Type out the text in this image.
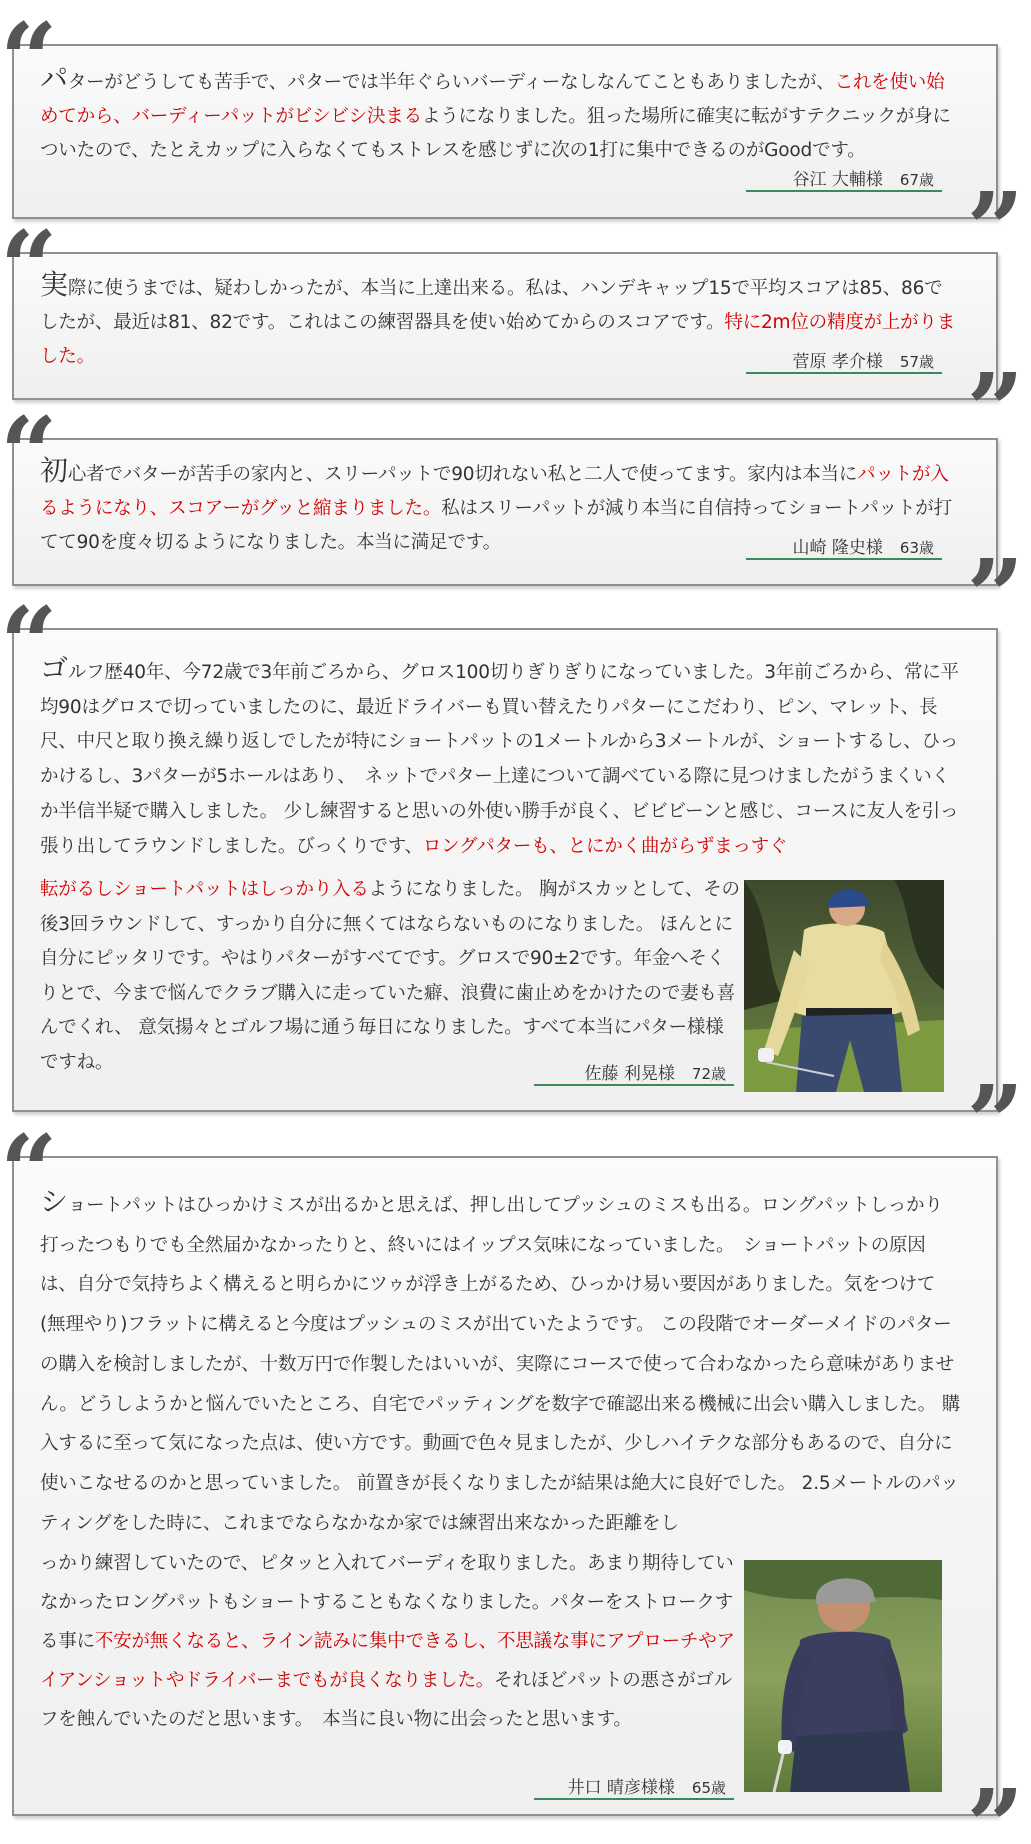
パターがどうしても苦手で、パターでは半年ぐらいバーディーなしなんてこともありましたが、これを使い始めてから、バーディーパットがビシビシ決まるようになりました。狙った場所に確実に転がすテクニックが身についたので、たとえカップに入らなくてもストレスを感じずに次の1打に集中できるのがGoodです。

谷江 大輔様　 67歳 ”

実際に使うまでは、疑わしかったが、本当に上達出来る。私は、ハンデキャップ15で平均スコアは85、86でしたが、最近は81、82です。これはこの練習器具を使い始めてからのスコアです。特に2m位の精度が上がりました。	菅原 孝介様　 57歳 ”

初心者でバターが苦手の家内と、スリーパットで90切れない私と二人で使ってます。家内は本当にパットが入るようになり、スコアーがグッと縮まりました。私はスリーパットが減り本当に自信持ってショートパットが打てて90を度々切るようになりました。本当に満足です。	山崎 隆史様　 63歳 ”

ゴルフ歴40年、今72歳で3年前ごろから、グロス100切りぎりぎりになっていました。3年前ごろから、常に平均90はグロスで切っていましたのに、最近ドライバーも買い替えたりパターにこだわり、ピン、マレット、長尺、中尺と取り換え繰り返しでしたが特にショートパットの1メートルから3メートルが、ショートするし、ひっかけるし、3パターが5ホールはあり、　ネットでパター上達について調べている際に見つけましたがうまくいくか半信半疑で購入しました。 少し練習すると思いの外使い勝手が良く、ビビビーンと感じ、コースに友人を引っ張り出してラウンドしました。びっくりです、ロングパターも、とにかく曲がらずまっすぐ

転がるしショートパットはしっかり入るようになりました。 胸がスカッとして、その後3回ラウンドして、すっかり自分に無くてはならないものになりました。 ほんとに自分にピッタリです。やはりパターがすべてです。グロスで90±2です。年金へそくりとで、今まで悩んでクラブ購入に走っていた癖、浪費に歯止めをかけたので妻も喜んでくれ、 意気揚々とゴルフ場に通う毎日になりました。すべて本当にパター様様ですね。

佐藤 利晃様　 72歳 ”

ショートパットはひっかけミスが出るかと思えば、押し出してプッシュのミスも出る。ロングパットしっかり打ったつもりでも全然届かなかったりと、終いにはイップス気味になっていました。　ショートパットの原因は、自分で気持ちよく構えると明らかにツゥが浮き上がるため、ひっかけ易い要因がありました。気をつけて(無理やり)フラットに構えると今度はプッシュのミスが出ていたようです。 この段階でオーダーメイドのパターの購入を検討しましたが、十数万円で作製したはいいが、実際にコースで使って合わなかったら意味がありません。どうしようかと悩んでいたところ、自宅でパッティングを数字で確認出来る機械に出会い購入しました。 購入するに至って気になった点は、使い方です。動画で色々見ましたが、少しハイテクな部分もあるので、自分に使いこなせるのかと思っていました。 前置きが長くなりましたが結果は絶大に良好でした。 2.5メートルのパッティングをした時に、これまでならなかなか家では練習出来なかった距離をし

っかり練習していたので、ピタッと入れてバーディを取りました。あまり期待していなかったロングパットもショートすることもなくなりました。パターをストロークする事に不安が無くなると、ライン読みに集中できるし、不思議な事にアプローチやアイアンショットやドライバーまでもが良くなりました。それほどパットの悪さがゴルフを蝕んでいたのだと思います。　本当に良い物に出会ったと思います。

井口 晴彦様様　 65歳 ”
